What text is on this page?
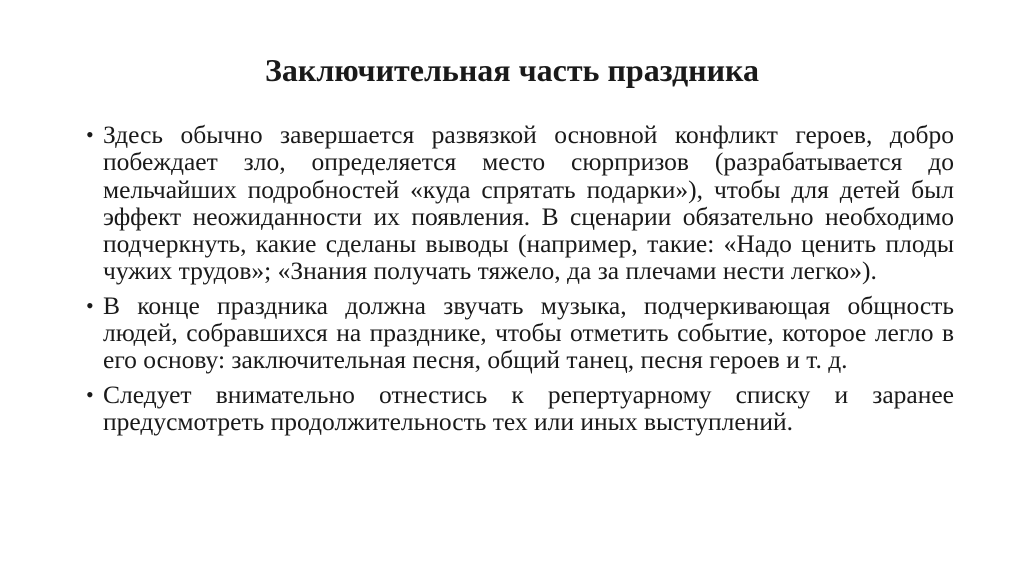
Заключительная часть праздника
• Здесь обычно завершается развязкой основной конфликт героев, добро побеждает зло, определяется место сюрпризов (разрабатывается до мельчайших подробностей «куда спрятать подарки»), чтобы для детей был эффект неожиданности их появления. В сценарии обязательно необходимо подчеркнуть, какие сделаны выводы (например, такие: «Надо ценить плоды чужих трудов»; «Знания получать тяжело, да за плечами нести легко»).
• В конце праздника должна звучать музыка, подчеркивающая общность людей, собравшихся на празднике, чтобы отметить событие, которое легло в его основу: заключительная песня, общий танец, песня героев и т. д.
• Следует внимательно отнестись к репертуарному списку и заранее предусмотреть продолжительность тех или иных выступлений.
